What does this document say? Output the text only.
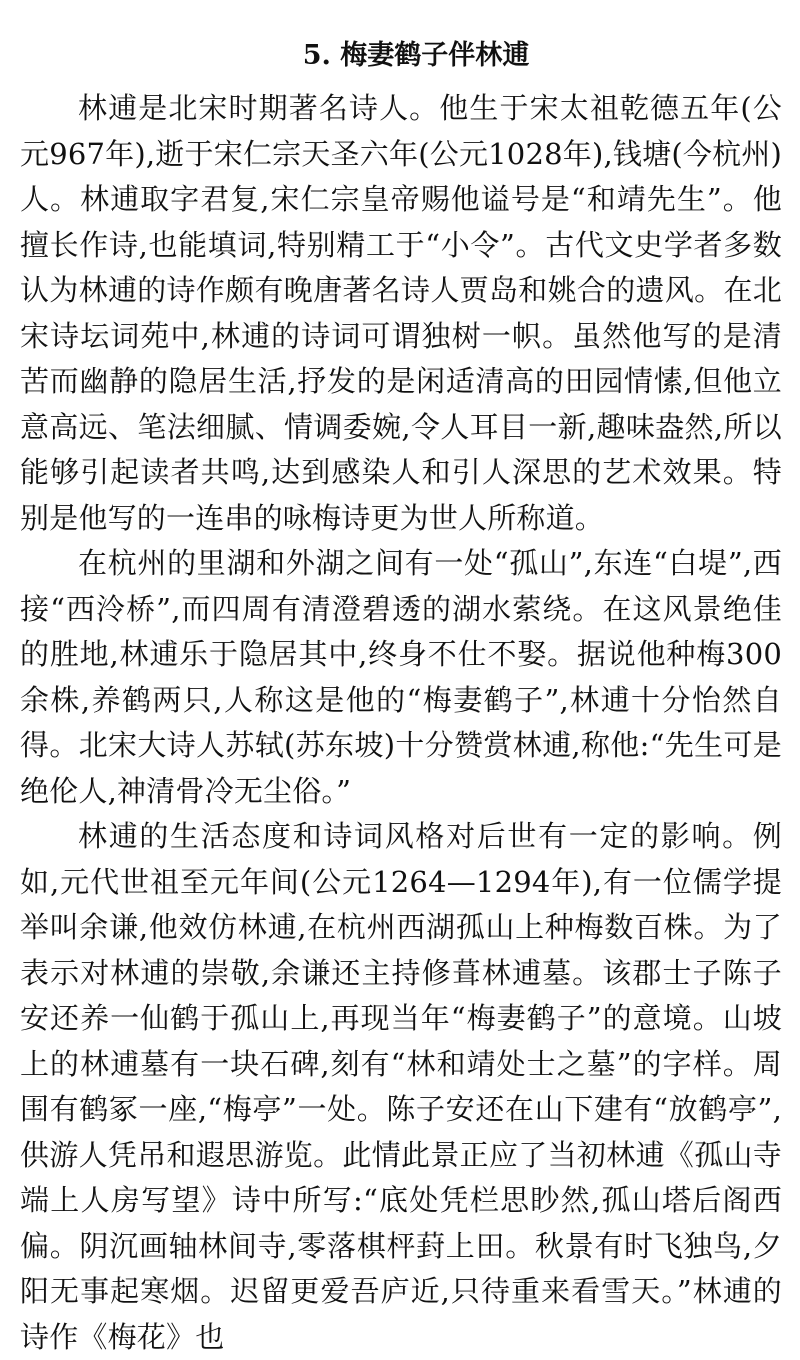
5. 梅妻鹤子伴林逋

林逋是北宋时期著名诗人。他生于宋太祖乾德五年(公元967年),逝于宋仁宗天圣六年(公元1028年),钱塘(今杭州)人。林逋取字君复,宋仁宗皇帝赐他谥号是“和靖先生”。他擅长作诗,也能填词,特别精工于“小令”。古代文史学者多数认为林逋的诗作颇有晚唐著名诗人贾岛和姚合的遗风。在北宋诗坛词苑中,林逋的诗词可谓独树一帜。虽然他写的是清苦而幽静的隐居生活,抒发的是闲适清高的田园情愫,但他立意高远、笔法细腻、情调委婉,令人耳目一新,趣味盎然,所以能够引起读者共鸣,达到感染人和引人深思的艺术效果。特别是他写的一连串的咏梅诗更为世人所称道。

在杭州的里湖和外湖之间有一处“孤山”,东连“白堤”,西接“西泠桥”,而四周有清澄碧透的湖水萦绕。在这风景绝佳的胜地,林逋乐于隐居其中,终身不仕不娶。据说他种梅300余株,养鹤两只,人称这是他的“梅妻鹤子”,林逋十分怡然自得。北宋大诗人苏轼(苏东坡)十分赞赏林逋,称他:“先生可是绝伦人,神清骨冷无尘俗。”

林逋的生活态度和诗词风格对后世有一定的影响。例如,元代世祖至元年间(公元1264—1294年),有一位儒学提举叫余谦,他效仿林逋,在杭州西湖孤山上种梅数百株。为了表示对林逋的崇敬,余谦还主持修葺林逋墓。该郡士子陈子安还养一仙鹤于孤山上,再现当年“梅妻鹤子”的意境。山坡上的林逋墓有一块石碑,刻有“林和靖处士之墓”的字样。周围有鹤冢一座,“梅亭”一处。陈子安还在山下建有“放鹤亭”,供游人凭吊和遐思游览。此情此景正应了当初林逋《孤山寺端上人房写望》诗中所写:“底处凭栏思眇然,孤山塔后阁西偏。阴沉画轴林间寺,零落棋枰葑上田。秋景有时飞独鸟,夕阳无事起寒烟。迟留更爱吾庐近,只待重来看雪天。”林逋的诗作《梅花》也
